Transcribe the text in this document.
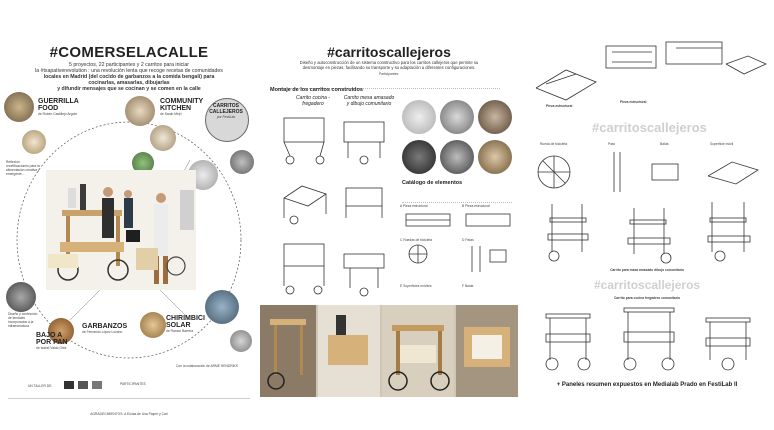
#COMERSELACALLE
5 proyectos, 22 participantes y 2 carritos para iniciar
la #txapativerevolution : una revolución lenta que recoge recetas de comunidades
locales en Madrid (del cocido de garbanzos a la comida bengalí) para
cocinarlas, amasarlas, dibujarlas
y difundir mensajes que se cocinan y se comen en la calle
GUERRILLA FOOD
de Ruben Castillejo Argote
COMMUNITY KITCHEN
de Sarah Mejri
CARRITOS CALLEJEROS
por FestiLab
GARBANZOS
de Fernando López Lozano
BAJO A POR PAN
de Isabel Valdo Ortiz
CHIRIMBICI SOLAR
de Ramón Barrera
Reflexión recetificaciones para la alimentación creativa y emergente...
Diseño y confección de tendales incorporados a la infraestructura
UN TALLER DE:	PARTICIPANTES
Con la colaboración de ARME HENDRIKS
AGRADECIMIENTOS: A Eloísa de Lisa Piquer y Carl
#carritoscallejeros
Diseño y autoconstrucción de un sistema constructivo para los carritos callejeros que permite su
desmontaje en piezas, facilitando su transporte y su adaptación a diferentes configuraciones.
Participantes:
Montaje de los carritos construidos
Carrito cocina - fregadero
Carrito mesa amasado y dibujo comunitario
Catálogo de elementos
A Pieza estructural	B Pieza estructural
C Ruedas de bicicleta	D Patas
E Superficies móviles	F Balda
Pieza estructural
Pieza estructural
#carritoscallejeros
Rueda de bicicleta	Pata	Balda	Superficie móvil
Carrito para masa amasado dibujo comunitario
#carritoscallejeros
Carrito para cocina fregadero comunitario
+ Paneles resumen expuestos en Medialab Prado en FestiLab II
